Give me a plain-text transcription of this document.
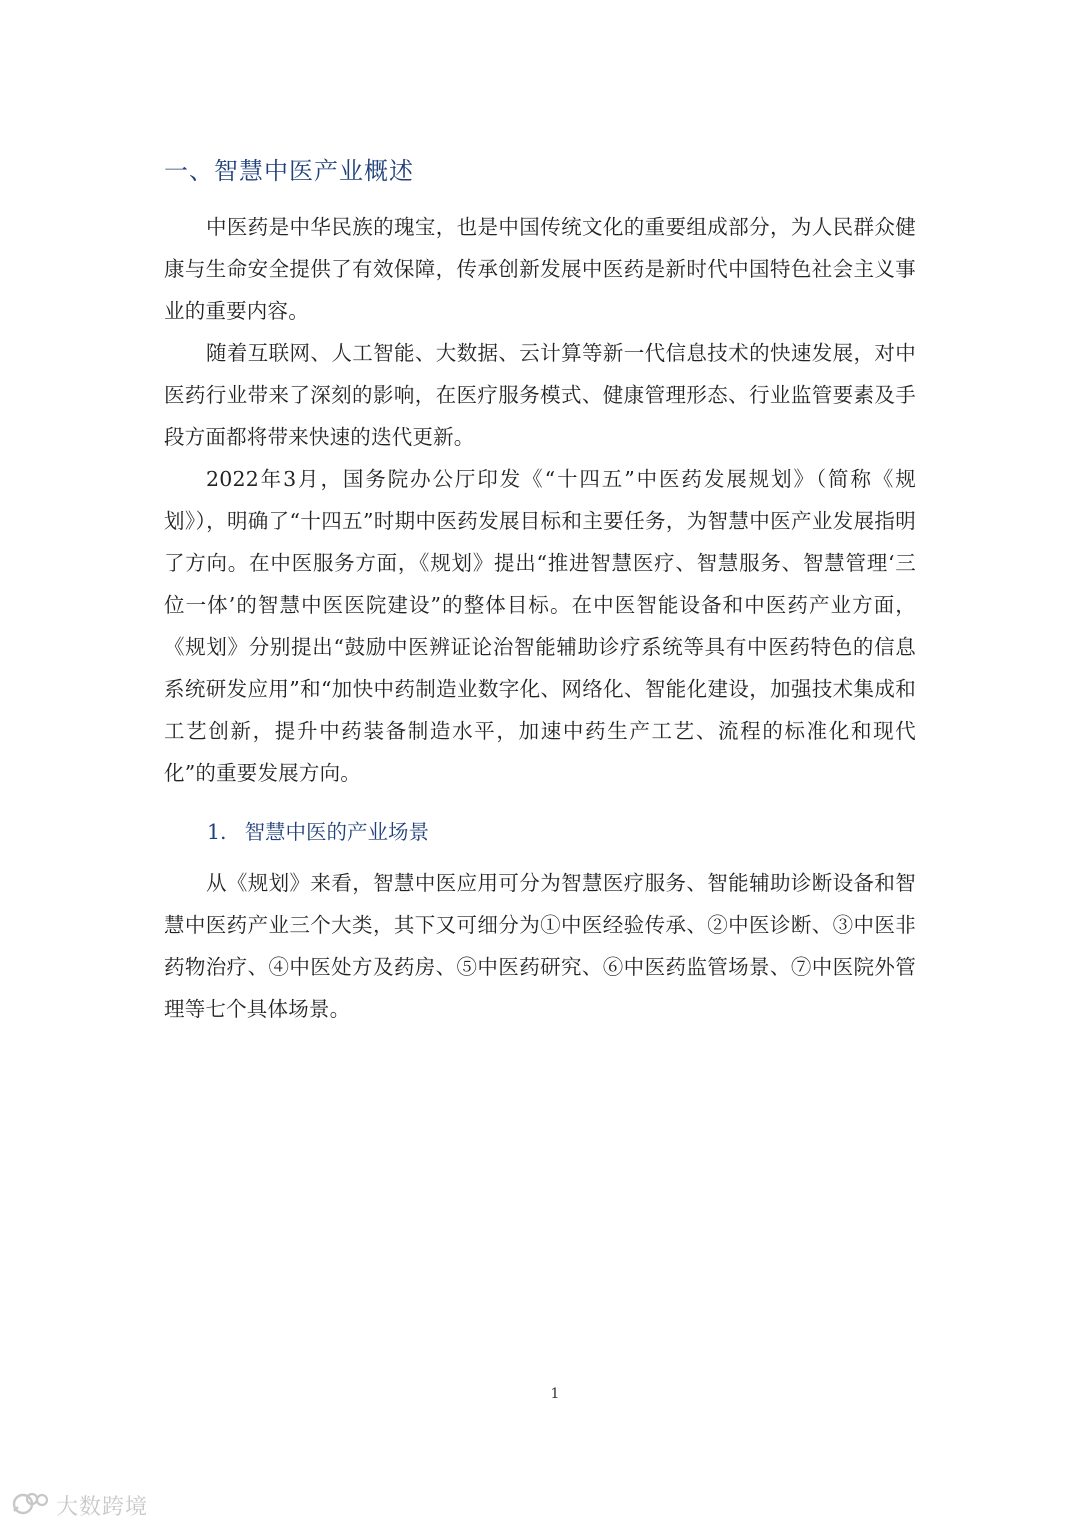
一、智慧中医产业概述

中医药是中华民族的瑰宝，也是中国传统文化的重要组成部分，为人民群众健康与生命安全提供了有效保障，传承创新发展中医药是新时代中国特色社会主义事业的重要内容。

随着互联网、人工智能、大数据、云计算等新一代信息技术的快速发展，对中医药行业带来了深刻的影响，在医疗服务模式、健康管理形态、行业监管要素及手段方面都将带来快速的迭代更新。

2022年3月，国务院办公厅印发《“十四五”中医药发展规划》（简称《规划》），明确了“十四五”时期中医药发展目标和主要任务，为智慧中医产业发展指明了方向。在中医服务方面，《规划》提出“推进智慧医疗、智慧服务、智慧管理‘三位一体’的智慧中医医院建设”的整体目标。在中医智能设备和中医药产业方面，《规划》分别提出“鼓励中医辨证论治智能辅助诊疗系统等具有中医药特色的信息系统研发应用”和“加快中药制造业数字化、网络化、智能化建设，加强技术集成和工艺创新，提升中药装备制造水平，加速中药生产工艺、流程的标准化和现代化”的重要发展方向。

1. 智慧中医的产业场景

从《规划》来看，智慧中医应用可分为智慧医疗服务、智能辅助诊断设备和智慧中医药产业三个大类，其下又可细分为①中医经验传承、②中医诊断、③中医非药物治疗、④中医处方及药房、⑤中医药研究、⑥中医药监管场景、⑦中医院外管理等七个具体场景。

1
大数跨境
